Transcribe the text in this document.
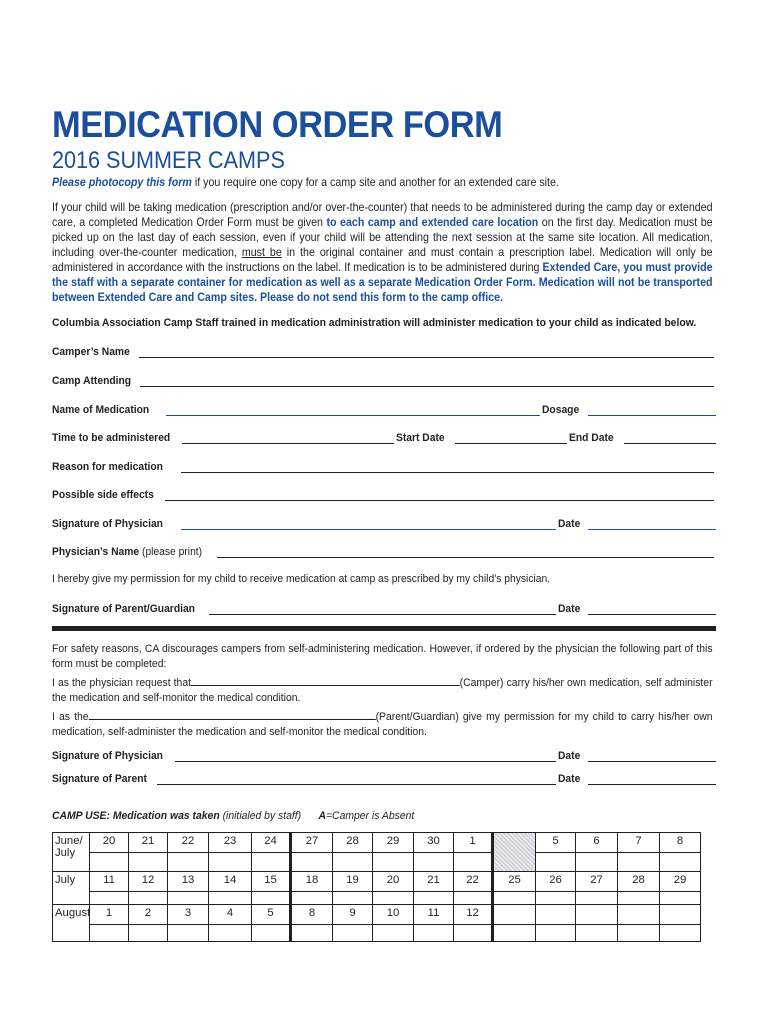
MEDICATION ORDER FORM
2016 SUMMER CAMPS
Please photocopy this form if you require one copy for a camp site and another for an extended care site.
If your child will be taking medication (prescription and/or over-the-counter) that needs to be administered during the camp day or extended care, a completed Medication Order Form must be given to each camp and extended care location on the first day. Medication must be picked up on the last day of each session, even if your child will be attending the next session at the same site location. All medication, including over-the-counter medication, must be in the original container and must contain a prescription label. Medication will only be administered in accordance with the instructions on the label. If medication is to be administered during Extended Care, you must provide the staff with a separate container for medication as well as a separate Medication Order Form. Medication will not be transported between Extended Care and Camp sites. Please do not send this form to the camp office.
Columbia Association Camp Staff trained in medication administration will administer medication to your child as indicated below.
Camper’s Name
Camp Attending
Name of Medication	Dosage
Time to be administered	Start Date	End Date
Reason for medication
Possible side effects
Signature of Physician	Date
Physician’s Name (please print)
Signature of Parent/Guardian	Date
I hereby give my permission for my child to receive medication at camp as prescribed by my child’s physician.

For safety reasons, CA discourages campers from self-administering medication. However, if ordered by the physician the following part of this form must be completed:

I as the physician request that	(Camper) carry his/her own medication, self administer the medication and self-monitor the medical condition.

I as the	(Parent/Guardian) give my permission for my child to carry his/her own medication, self-administer the medication and self-monitor the medical condition.

Signature of Physician	Date
Signature of Parent	Date
CAMP USE: Medication was taken (initialed by staff) A=Camper is Absent
June/ July	20	21	22	23	24	27	28	29	30	1		5	6	7	8

July	11	12	13	14	15	18	19	20	21	22	25	26	27	28	29

August	1	2	3	4	5	8	9	10	11	12					
